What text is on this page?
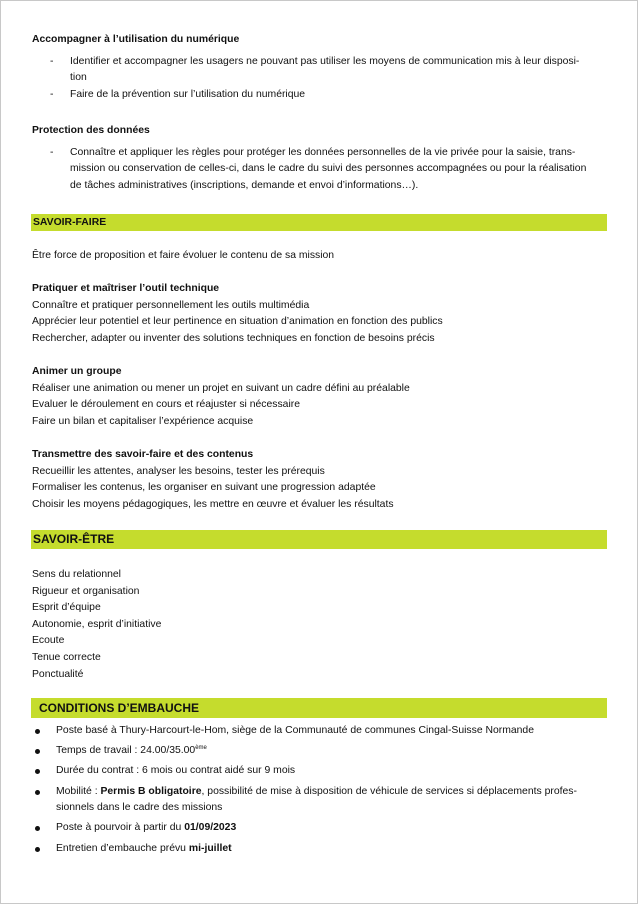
Accompagner à l’utilisation du numérique
- Identifier et accompagner les usagers ne pouvant pas utiliser les moyens de communication mis à leur disposi-
tion
- Faire de la prévention sur l’utilisation du numérique
Protection des données
- Connaître et appliquer les règles pour protéger les données personnelles de la vie privée pour la saisie, trans-
mission ou conservation de celles-ci, dans le cadre du suivi des personnes accompagnées ou pour la réalisation
de tâches administratives (inscriptions, demande et envoi d’informations…).
SAVOIR-FAIRE
Être force de proposition et faire évoluer le contenu de sa mission
Pratiquer et maîtriser l’outil technique
Connaître et pratiquer personnellement les outils multimédia
Apprécier leur potentiel et leur pertinence en situation d’animation en fonction des publics
Rechercher, adapter ou inventer des solutions techniques en fonction de besoins précis
Animer un groupe
Réaliser une animation ou mener un projet en suivant un cadre défini au préalable
Evaluer le déroulement en cours et réajuster si nécessaire
Faire un bilan et capitaliser l’expérience acquise
Transmettre des savoir-faire et des contenus
Recueillir les attentes, analyser les besoins, tester les prérequis
Formaliser les contenus, les organiser en suivant une progression adaptée
Choisir les moyens pédagogiques, les mettre en œuvre et évaluer les résultats
SAVOIR-ÊTRE
Sens du relationnel
Rigueur et organisation
Esprit d’équipe
Autonomie, esprit d’initiative
Ecoute
Tenue correcte
Ponctualité
CONDITIONS D’EMBAUCHE
Poste basé à Thury-Harcourt-le-Hom, siège de la Communauté de communes Cingal-Suisse Normande
Temps de travail : 24.00/35.00ème
Durée du contrat : 6 mois ou contrat aidé sur 9 mois
Mobilité : Permis B obligatoire, possibilité de mise à disposition de véhicule de services si déplacements profes-
sionnels dans le cadre des missions
Poste à pourvoir à partir du 01/09/2023
Entretien d’embauche prévu mi-juillet
